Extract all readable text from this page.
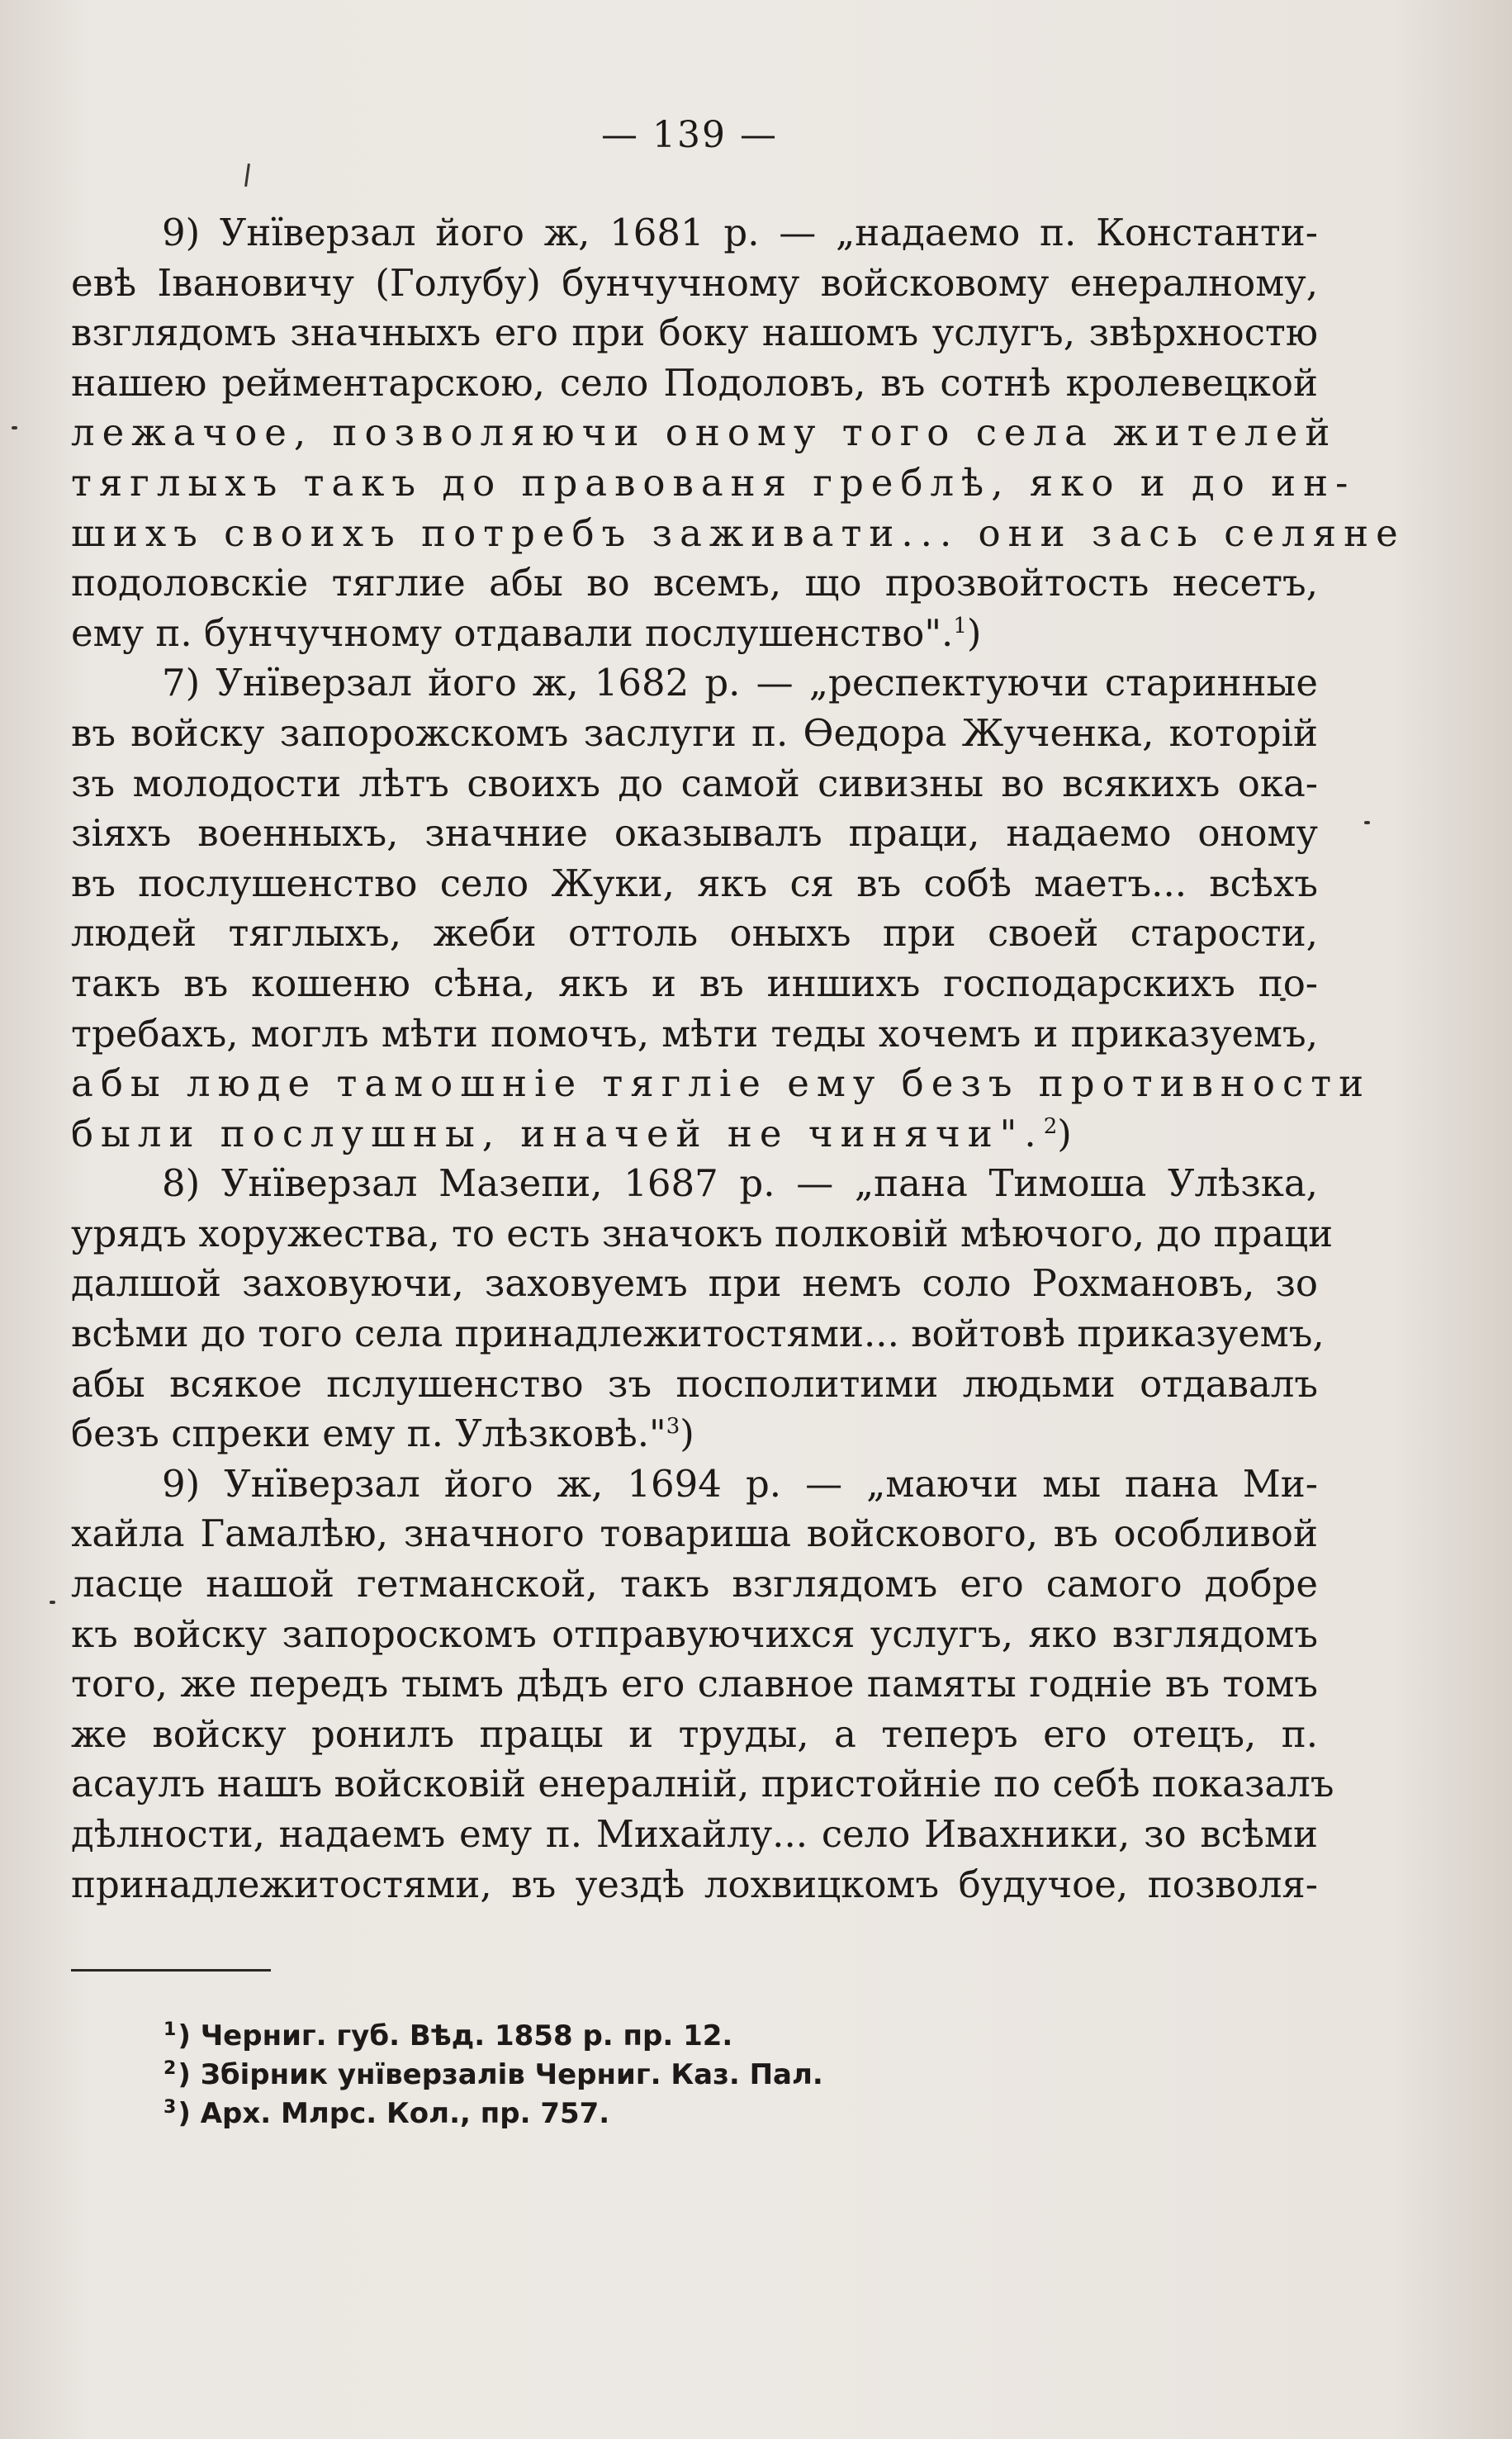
— 139 —
9) Унїверзал його ж, 1681 р. — „надаемо п. Константи-
евѣ Івановичу (Голубу) бунчучному войсковому енералному,
взглядомъ значныхъ его при боку нашомъ услугъ, звѣрхностю
нашею рейментарскою, село Подоловъ, въ сотнѣ кролевецкой
лежачое, позволяючи оному того села жителей
тяглыхъ такъ до правованя греблѣ, яко и до ин-
шихъ своихъ потребъ заживати... они зась селяне
подоловскіе тяглие абы во всемъ, що прозвойтость несетъ,
ему п. бунчучному отдавали послушенство".$^1$)
7) Унїверзал його ж, 1682 р. — „респектуючи старинные
въ войску запорожскомъ заслуги п. Ѳедора Жученка, которій
зъ молодости лѣтъ своихъ до самой сивизны во всякихъ ока-
зіяхъ военныхъ, значние оказывалъ праци, надаемо оному
въ послушенство село Жуки, якъ ся въ собѣ маетъ... всѣхъ
людей тяглыхъ, жеби оттоль оныхъ при своей старости,
такъ въ кошеню сѣна, якъ и въ иншихъ господарскихъ по-
требахъ, моглъ мѣти помочъ, мѣти теды хочемъ и приказуемъ,
абы люде тамошніе тягліе ему безъ противности
были послушны, иначей не чинячи".$^2$)
8) Унїверзал Мазепи, 1687 р. — „пана Тимоша Улѣзка,
урядъ хоружества, то есть значокъ полковій мѣючого, до праци
далшой заховуючи, заховуемъ при немъ соло Рохмановъ, зо
всѣми до того села принадлежитостями... войтовѣ приказуемъ,
абы всякое пслушенство зъ посполитими людьми отдавалъ
безъ спреки ему п. Улѣзковѣ."$^3$)
9) Унїверзал його ж, 1694 р. — „маючи мы пана Ми-
хайла Гамалѣю, значного товариша войскового, въ особливой
ласце нашой гетманской, такъ взглядомъ его самого добре
къ войску запороскомъ отправуючихся услугъ, яко взглядомъ
того, же передъ тымъ дѣдъ его славное памяты годніе въ томъ
же войску ронилъ працы и труды, а теперъ его отецъ, п.
асаулъ нашъ войсковій енералній, пристойніе по себѣ показалъ
дѣлности, надаемъ ему п. Михайлу... село Ивахники, зо всѣми
принадлежитостями, въ уездѣ лохвицкомъ будучое, позволя-
$^1$) Черниг. губ. Вѣд. 1858 р. пр. 12.
$^2$) Збірник унїверзалів Черниг. Каз. Пал.
$^3$) Арх. Млрс. Кол., пр. 757.
